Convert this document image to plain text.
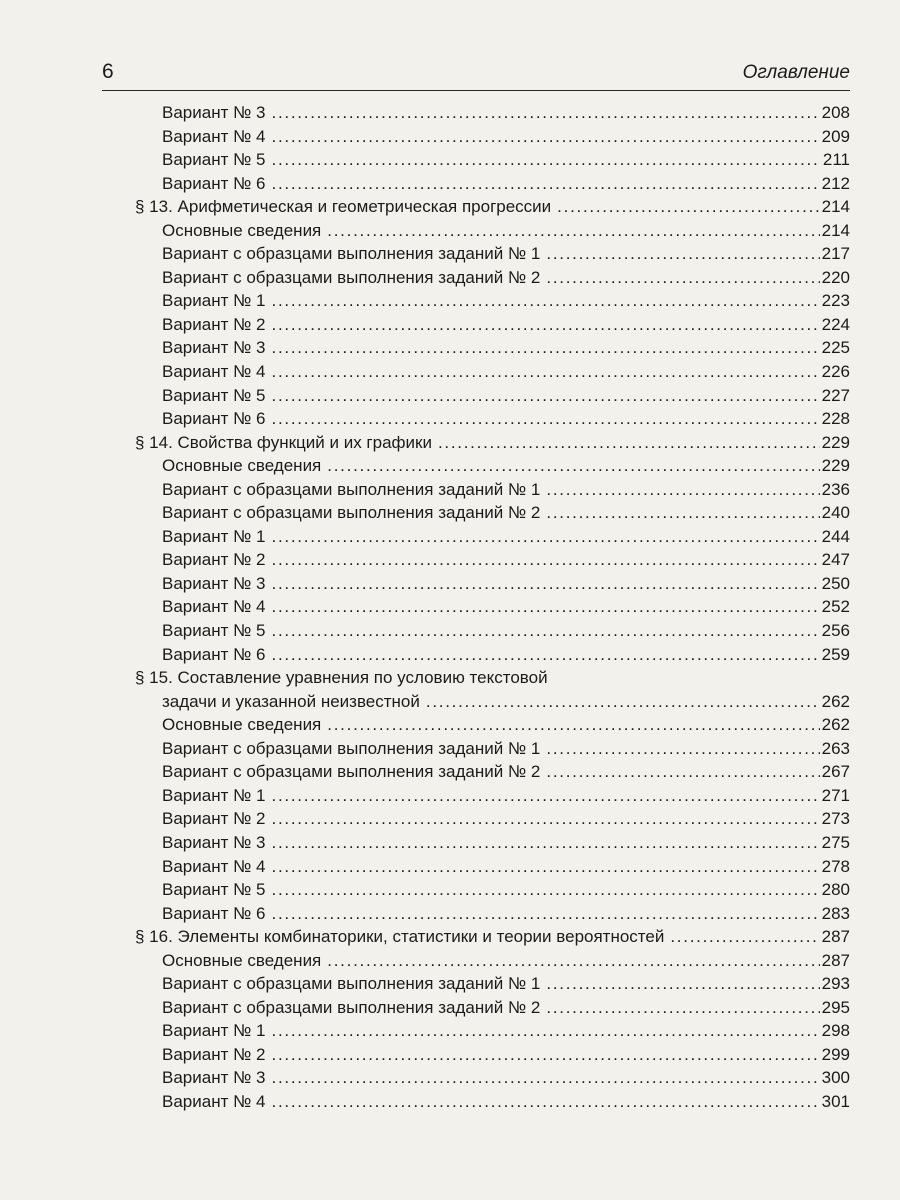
6	Оглавление
Вариант № 3 . . .	208
Вариант № 4 . . .	209
Вариант № 5 . . .	211
Вариант № 6 . . .	212
§ 13. Арифметическая и геометрическая прогрессии . . .	214
Основные сведения . . .	214
Вариант с образцами выполнения заданий № 1 . . .	217
Вариант с образцами выполнения заданий № 2 . . .	220
Вариант № 1 . . .	223
Вариант № 2 . . .	224
Вариант № 3 . . .	225
Вариант № 4 . . .	226
Вариант № 5 . . .	227
Вариант № 6 . . .	228
§ 14. Свойства функций и их графики . . .	229
Основные сведения . . .	229
Вариант с образцами выполнения заданий № 1 . . .	236
Вариант с образцами выполнения заданий № 2 . . .	240
Вариант № 1 . . .	244
Вариант № 2 . . .	247
Вариант № 3 . . .	250
Вариант № 4 . . .	252
Вариант № 5 . . .	256
Вариант № 6 . . .	259
§ 15. Составление уравнения по условию текстовой
задачи и указанной неизвестной . . .	262
Основные сведения . . .	262
Вариант с образцами выполнения заданий № 1 . . .	263
Вариант с образцами выполнения заданий № 2 . . .	267
Вариант № 1 . . .	271
Вариант № 2 . . .	273
Вариант № 3 . . .	275
Вариант № 4 . . .	278
Вариант № 5 . . .	280
Вариант № 6 . . .	283
§ 16. Элементы комбинаторики, статистики и теории вероятностей . . .	287
Основные сведения . . .	287
Вариант с образцами выполнения заданий № 1 . . .	293
Вариант с образцами выполнения заданий № 2 . . .	295
Вариант № 1 . . .	298
Вариант № 2 . . .	299
Вариант № 3 . . .	300
Вариант № 4 . . .	301
